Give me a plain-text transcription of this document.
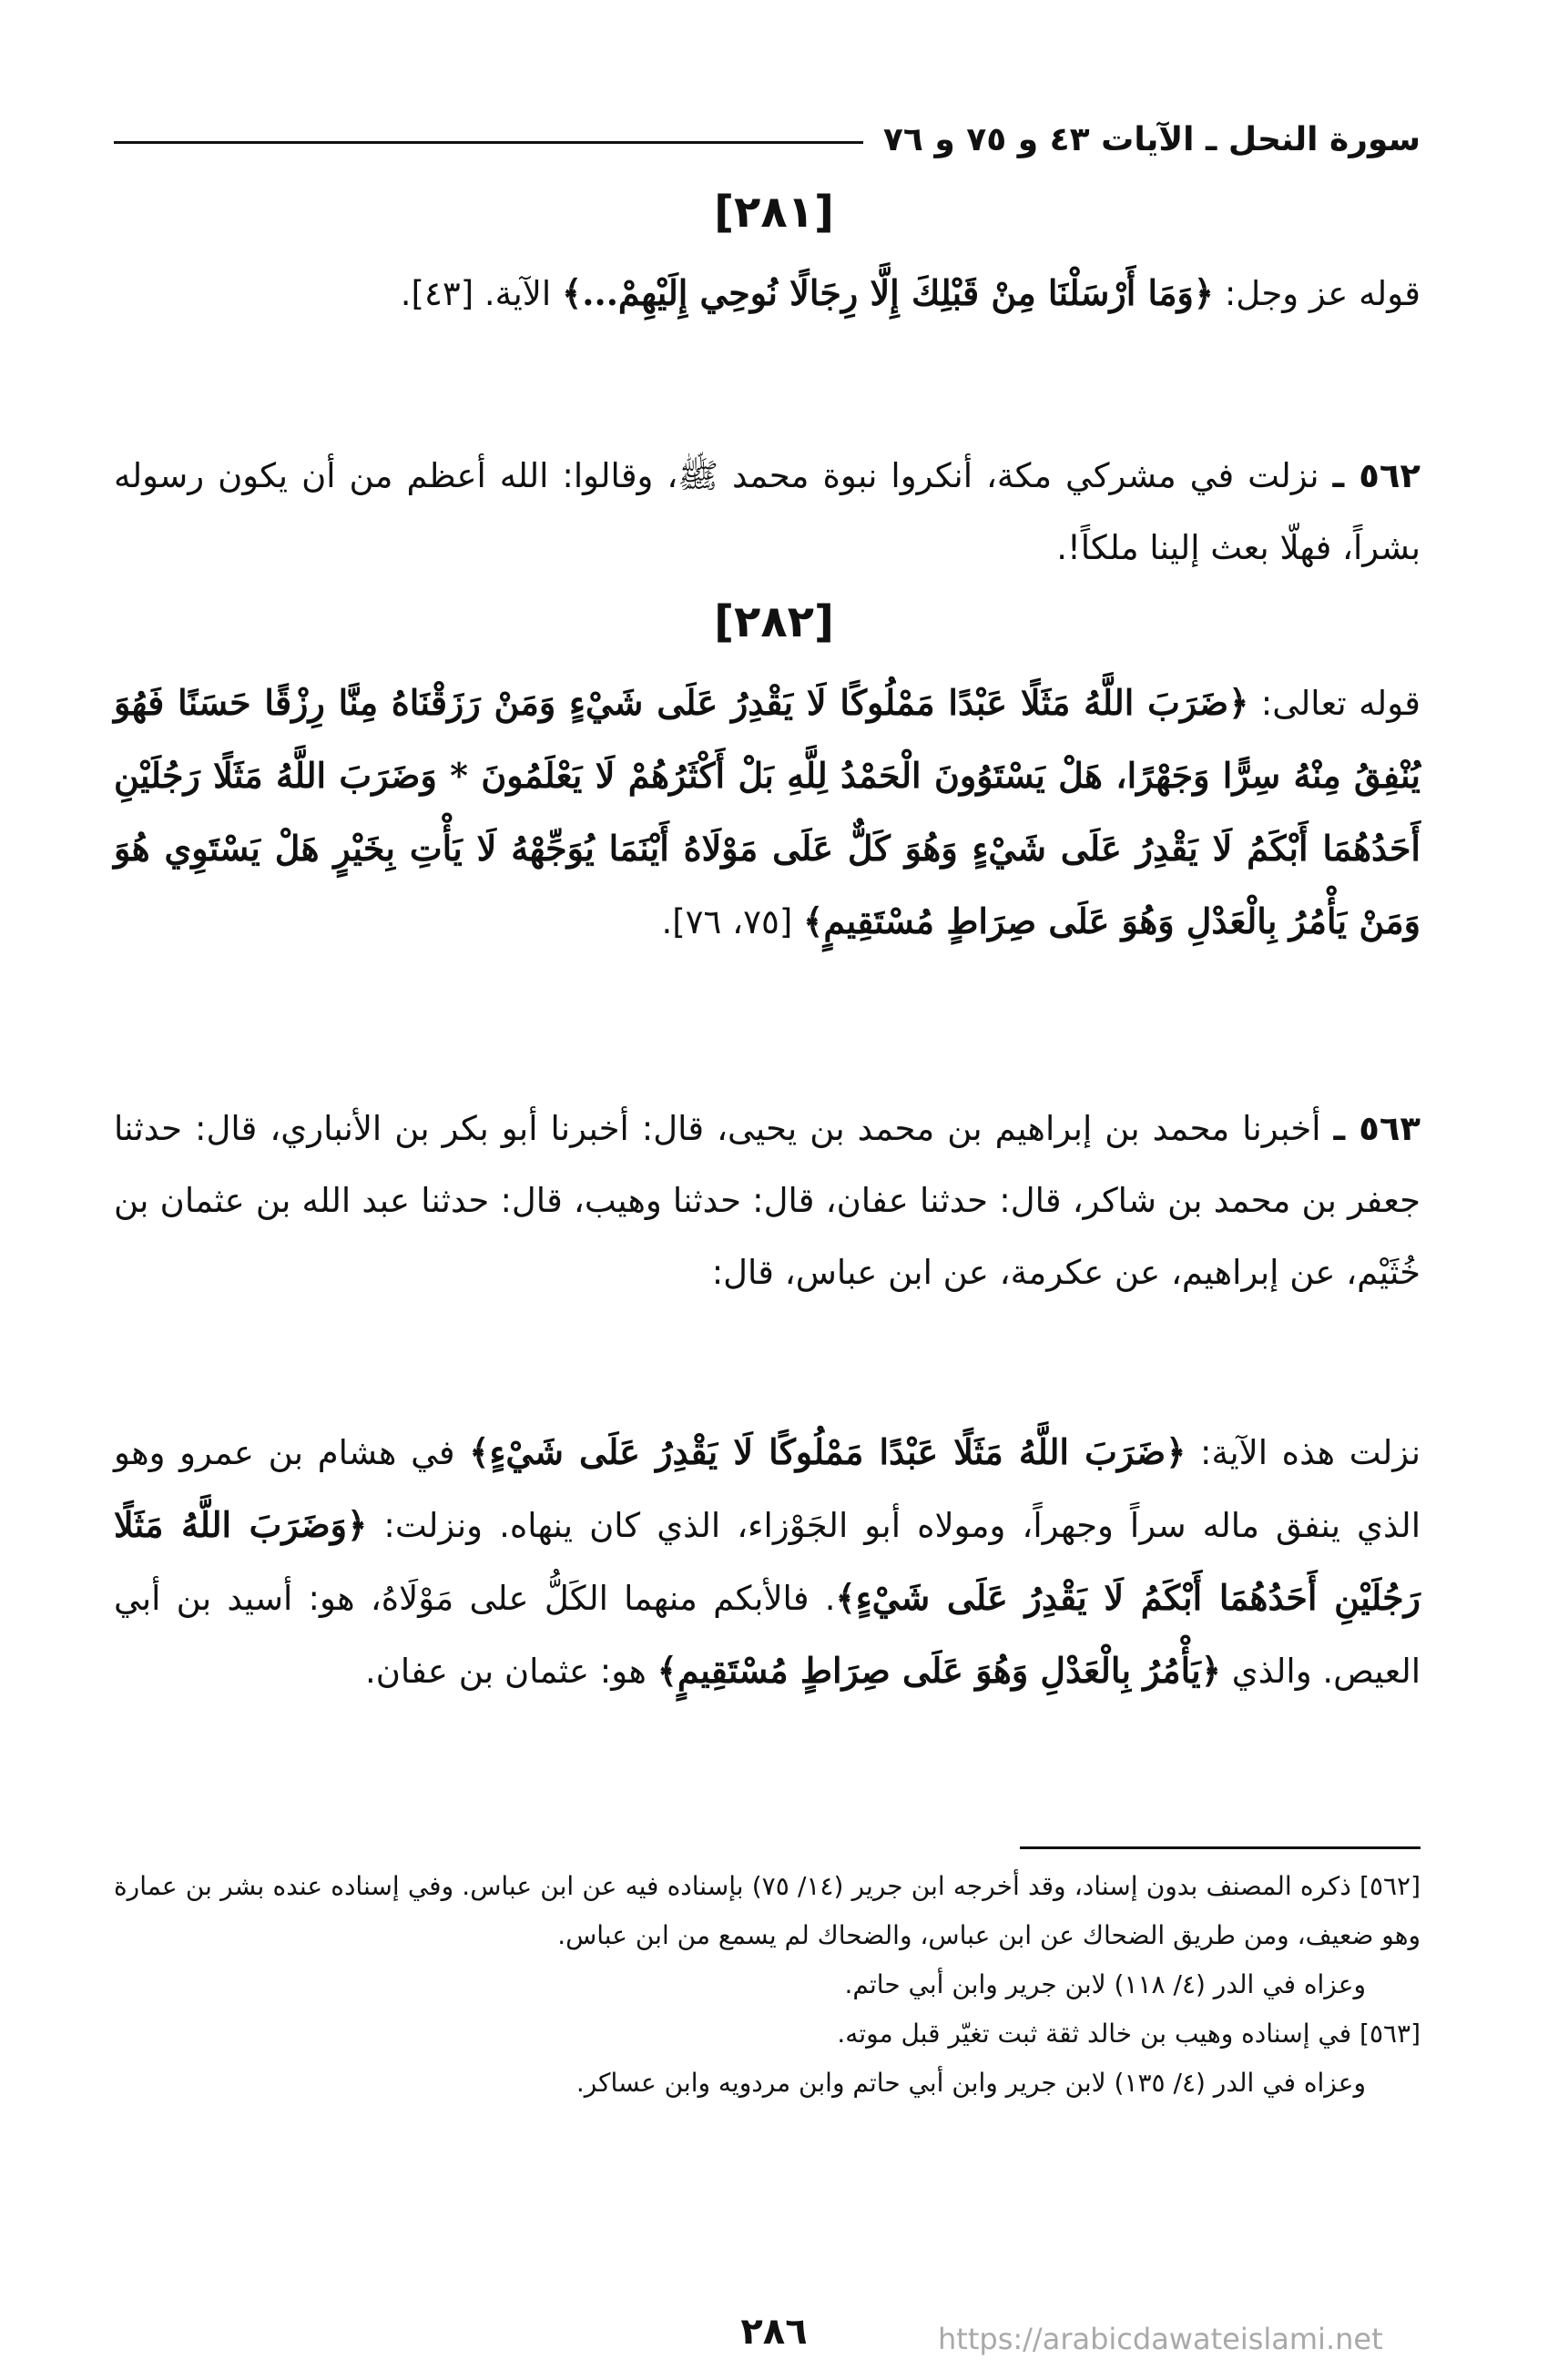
سورة النحل ـ الآيات ٤٣ و ٧٥ و ٧٦
[٢٨١]

قوله عز وجل: ﴿وَمَا أَرْسَلْنَا مِنْ قَبْلِكَ إِلَّا رِجَالًا نُوحِي إِلَيْهِمْ...﴾ الآية. [٤٣].

٥٦٢ ـ نزلت في مشركي مكة، أنكروا نبوة محمد ﷺ، وقالوا: الله أعظم من أن يكون رسوله بشراً، فهلّا بعث إلينا ملكاً!.

[٢٨٢]

قوله تعالى: ﴿ضَرَبَ اللَّهُ مَثَلًا عَبْدًا مَمْلُوكًا لَا يَقْدِرُ عَلَى شَيْءٍ وَمَنْ رَزَقْنَاهُ مِنَّا رِزْقًا حَسَنًا فَهُوَ يُنْفِقُ مِنْهُ سِرًّا وَجَهْرًا، هَلْ يَسْتَوُونَ الْحَمْدُ لِلَّهِ بَلْ أَكْثَرُهُمْ لَا يَعْلَمُونَ * وَضَرَبَ اللَّهُ مَثَلًا رَجُلَيْنِ أَحَدُهُمَا أَبْكَمُ لَا يَقْدِرُ عَلَى شَيْءٍ وَهُوَ كَلٌّ عَلَى مَوْلَاهُ أَيْنَمَا يُوَجِّهْهُ لَا يَأْتِ بِخَيْرٍ هَلْ يَسْتَوِي هُوَ وَمَنْ يَأْمُرُ بِالْعَدْلِ وَهُوَ عَلَى صِرَاطٍ مُسْتَقِيمٍ﴾ [٧٥، ٧٦].

٥٦٣ ـ أخبرنا محمد بن إبراهيم بن محمد بن يحيى، قال: أخبرنا أبو بكر بن الأنباري، قال: حدثنا جعفر بن محمد بن شاكر، قال: حدثنا عفان، قال: حدثنا وهيب، قال: حدثنا عبد الله بن عثمان بن خُثَيْم، عن إبراهيم، عن عكرمة، عن ابن عباس، قال:

نزلت هذه الآية: ﴿ضَرَبَ اللَّهُ مَثَلًا عَبْدًا مَمْلُوكًا لَا يَقْدِرُ عَلَى شَيْءٍ﴾ في هشام بن عمرو وهو الذي ينفق ماله سراً وجهراً، ومولاه أبو الجَوْزاء، الذي كان ينهاه. ونزلت: ﴿وَضَرَبَ اللَّهُ مَثَلًا رَجُلَيْنِ أَحَدُهُمَا أَبْكَمُ لَا يَقْدِرُ عَلَى شَيْءٍ﴾. فالأبكم منهما الكَلُّ على مَوْلَاهُ، هو: أسيد بن أبي العيص. والذي ﴿يَأْمُرُ بِالْعَدْلِ وَهُوَ عَلَى صِرَاطٍ مُسْتَقِيمٍ﴾ هو: عثمان بن عفان.

[٥٦٢] ذكره المصنف بدون إسناد، وقد أخرجه ابن جرير (١٤/ ٧٥) بإسناده فيه عن ابن عباس. وفي إسناده عنده بشر بن عمارة وهو ضعيف، ومن طريق الضحاك عن ابن عباس، والضحاك لم يسمع من ابن عباس.

وعزاه في الدر (٤/ ١١٨) لابن جرير وابن أبي حاتم.

[٥٦٣] في إسناده وهيب بن خالد ثقة ثبت تغيّر قبل موته.

وعزاه في الدر (٤/ ١٣٥) لابن جرير وابن أبي حاتم وابن مردويه وابن عساكر.

٢٨٦	https://arabicdawateislami.net
